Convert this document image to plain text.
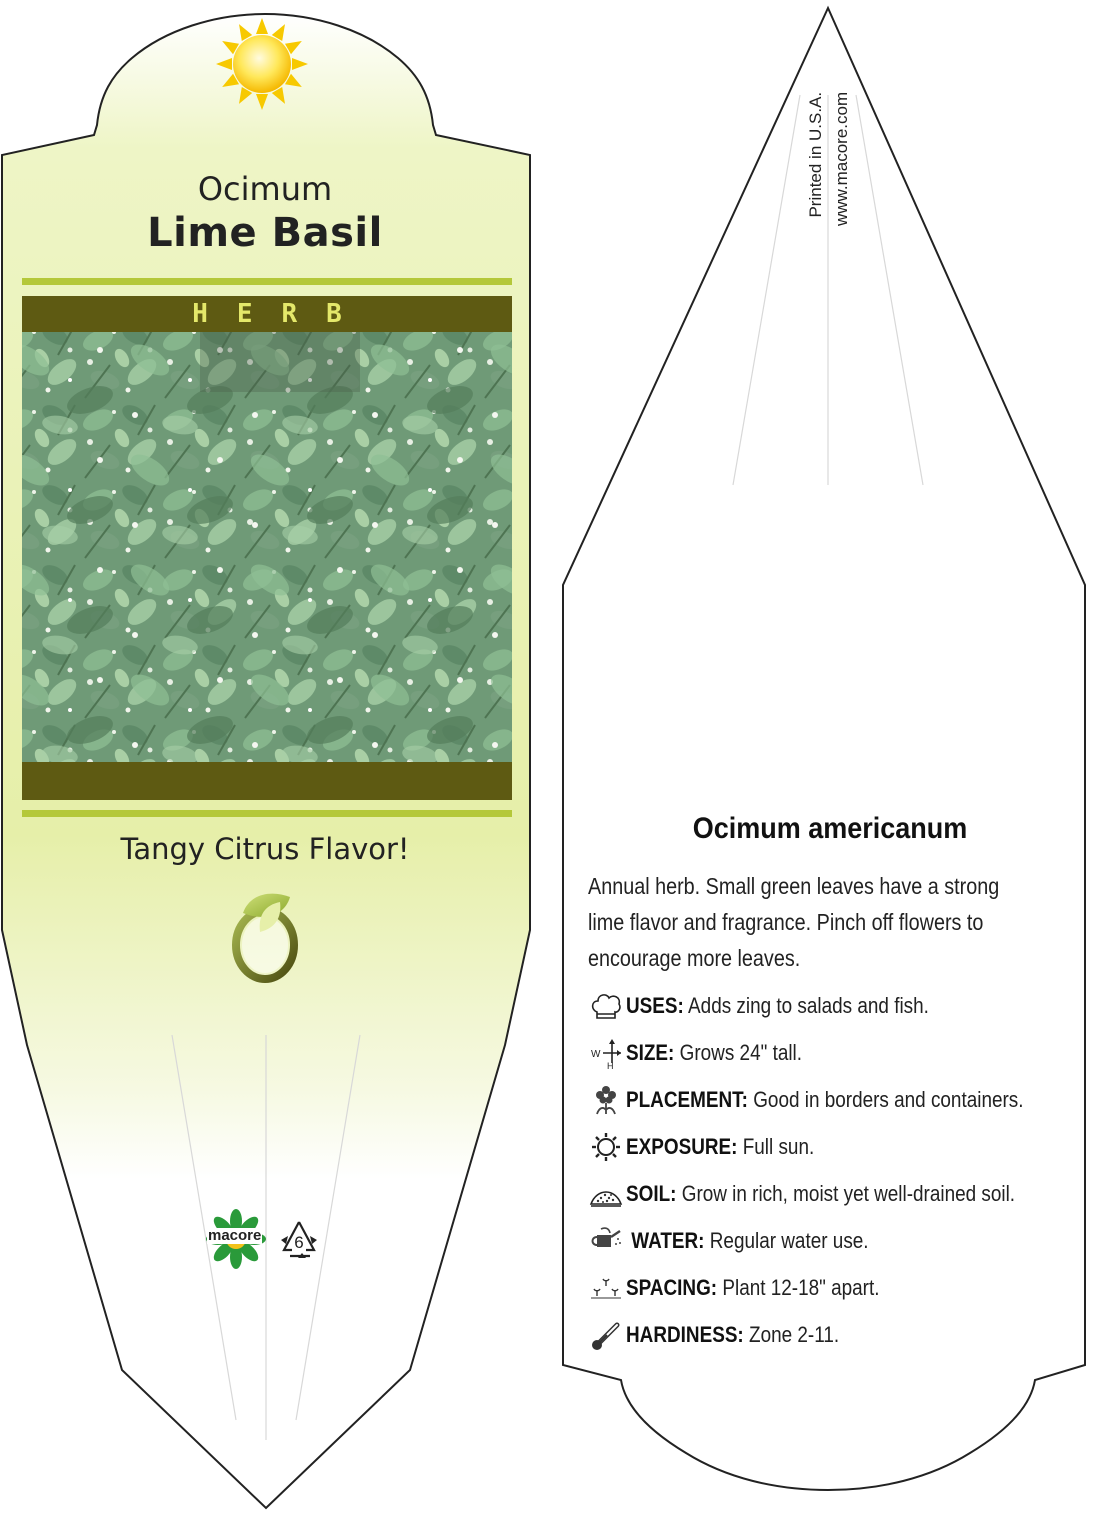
Ocimum
Lime Basil
HERB
Tangy Citrus Flavor!
macore 6
Printed in U.S.A. www.macore.com
Ocimum americanum
Annual herb. Small green leaves have a strong lime flavor and fragrance. Pinch off flowers to encourage more leaves.
USES: Adds zing to salads and fish.
W
H
SIZE: Grows 24" tall.
PLACEMENT: Good in borders and containers.
EXPOSURE: Full sun.
SOIL: Grow in rich, moist yet well-drained soil.
WATER: Regular water use.
SPACING: Plant 12-18" apart.
HARDINESS: Zone 2-11.
